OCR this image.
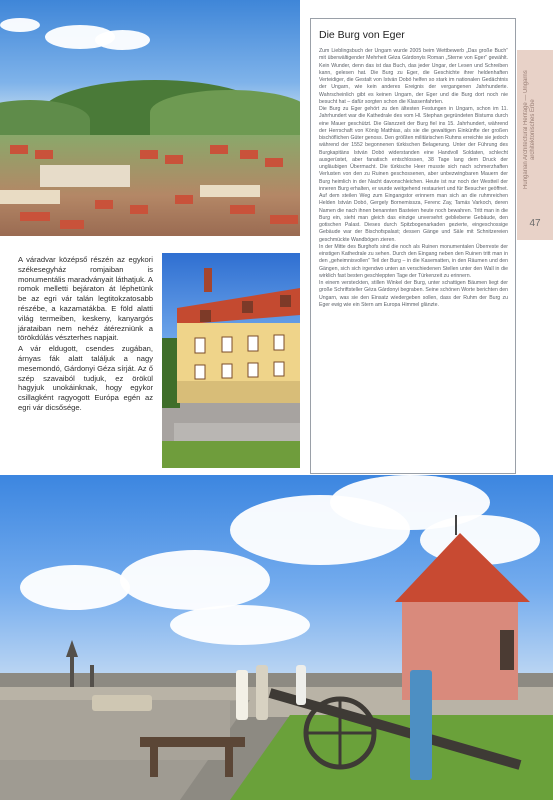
Die Burg von Eger

Zum Lieblingsbuch der Ungarn wurde 2005 beim Wettbewerb „Das große Buch” mit überwältigender Mehrheit Géza Gárdonyis Roman „Sterne von Eger” gewählt. Kein Wunder, denn das ist das Buch, das jeder Ungar, der Lesen und Schreiben kann, gelesen hat. Die Burg zu Eger, die Geschichte ihrer heldenhaften Verteidiger, die Gestalt von István Dobó helfen so stark im nationalen Gedächtnis der Ungarn, wie kein anderes Ereignis der vergangenen Jahrhunderte. Wahrscheinlich gibt es keinen Ungarn, der Eger und die Burg dort noch nie besucht hat – dafür sorgten schon die Klassenfahrten.

Die Burg zu Eger gehört zu den ältesten Festungen in Ungarn, schon im 11. Jahrhundert war die Kathedrale des vom Hl. Stephan gegründeten Bistums durch eine Mauer geschützt. Die Glanzzeit der Burg fiel ins 15. Jahrhundert, während der Herrschaft von König Matthias, als sie die gewaltigen Einkünfte der großen bischöflichen Güter genoss. Den größten militärischen Ruhms erreichte sie jedoch während der 1552 begonnenen türkischen Belagerung. Unter der Führung des Burgkapitäns István Dobó widerstanden eine Handvoll Soldaten, schlecht ausgerüstet, aber fanatisch entschlossen, 38 Tage lang dem Druck der ungläubigen Übermacht. Die türkische Heer musste sich nach schmerzhaften Verlusten von den zu Ruinen geschossenen, aber unbezwingbaren Mauern der Burg heimlich in der Nacht davonschleichen. Heute ist nur noch der Westteil der inneren Burg erhalten, er wurde weitgehend restauriert und für Besucher geöffnet. Auf dem steilen Weg zum Eingangstor erinnern man sich an die ruhmreichen Helden István Dobó, Gergely Bornemissza, Ferenc Zay, Tamás Varkoch, deren Namen die nach ihnen benannten Basteien heute noch bewahren. Tritt man in die Burg ein, sieht man gleich das einzige unversehrt gebliebene Gebäude, den gotischen Palast. Dieses durch Spitzbogenarkaden gezierte, eingeschossige Gebäude war der Bischofspalast; dessen Gänge und Säle mit Schnitzereien geschmückte Wandbögen zieren.

In der Mitte des Burghofs sind die noch als Ruinen monumentalen Überreste der einstigen Kathedrale zu sehen. Durch den Eingang neben den Ruinen tritt man in den „geheimnisvollen” Teil der Burg – in die Kasematten, in den Räumen und den Gängen, sich sich irgendwo unten an verschiedenen Stellen unter den Wall in die wirklich fast besten geschleppten Tage der Türkenzeit zu erinnern.

In einem versteckten, stillen Winkel der Burg, unter schattigen Bäumen liegt der große Schriftsteller Géza Gárdonyi begraben. Seine schönen Worte berichten den Ungarn, was sie den Einsatz wiedergeben sollen, dass der Ruhm der Burg zu Eger ewig wie ein Stern am Europa Himmel glänzte.

Hungarian Architectural Heritage — Ungarns architektonisches Erbe
47

A váradvar középső részén az egykori székesegyház romjaiban is monumentális maradványait láthatjuk. A romok melletti bejáraton át léphetünk be az egri vár talán legtitokzatosabb részébe, a kazamatákba. E föld alatti világ termeiben, keskeny, kanyargós járataiban nem nehéz átérezniünk a törökdúlás vészterhes napjait.

A vár eldugott, csendes zugában, árnyas fák alatt találjuk a nagy mesemondó, Gárdonyi Géza sírját. Az ő szép szavaiból tudjuk, ez örökül hagyjuk unokáinknak, hogy egykor csillagként ragyogott Európa egén az egri vár dicsősége.
